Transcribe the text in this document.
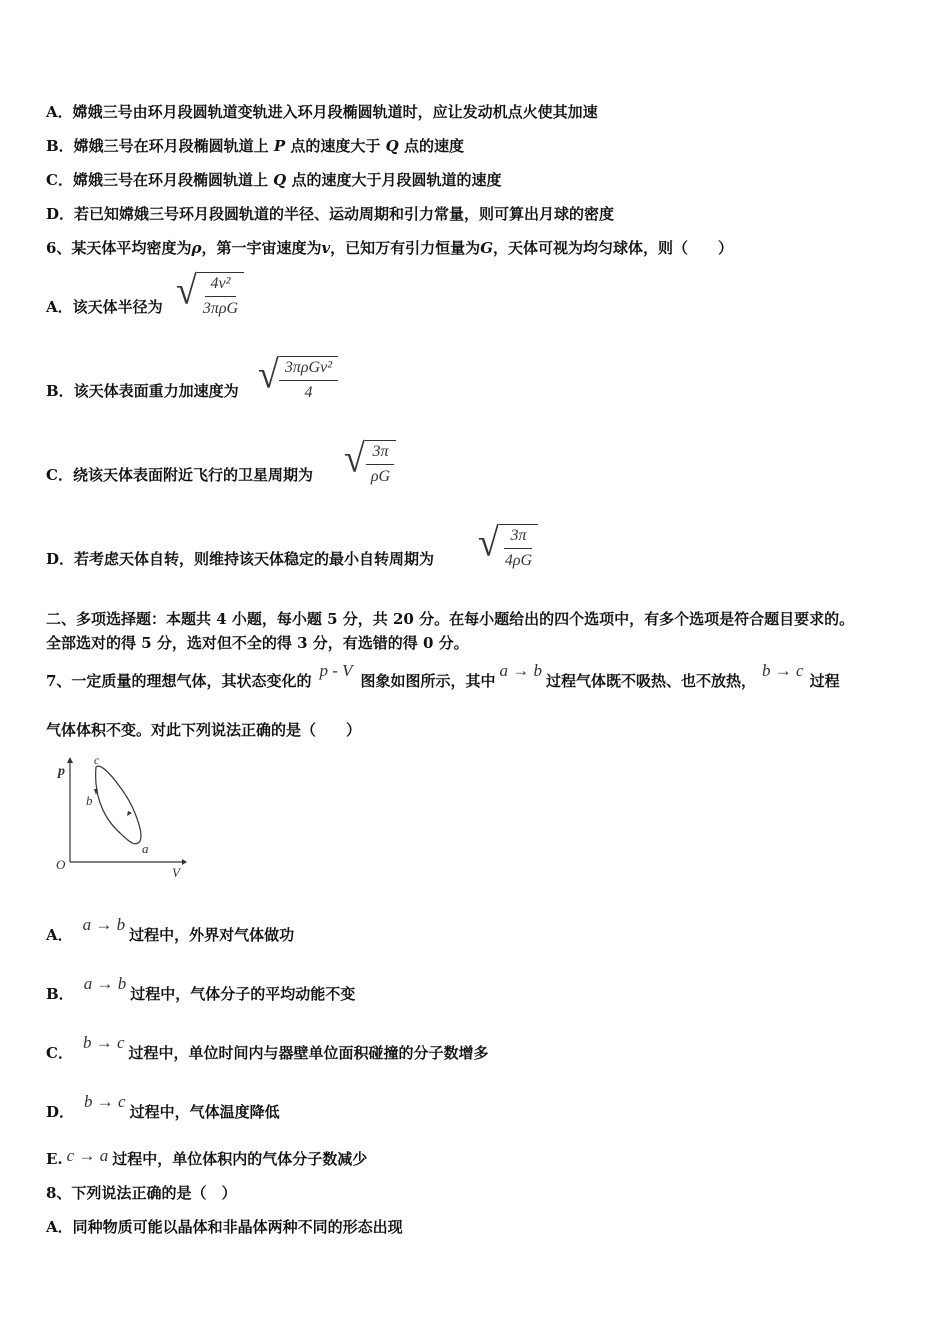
A．嫦娥三号由环月段圆轨道变轨进入环月段椭圆轨道时，应让发动机点火使其加速
B．嫦娥三号在环月段椭圆轨道上 P 点的速度大于 Q 点的速度
C．嫦娥三号在环月段椭圆轨道上 Q 点的速度大于月段圆轨道的速度
D．若已知嫦娥三号环月段圆轨道的半径、运动周期和引力常量，则可算出月球的密度
6、某天体平均密度为ρ，第一宇宙速度为v，已知万有引力恒量为G，天体可视为均匀球体，则（　　）
A．该天体半径为 √ $\frac{\text{4v²}}{\text{3πρG}}$
B．该天体表面重力加速度为 √ $\frac{\text{3πρGv²}}{4}$
C．绕该天体表面附近飞行的卫星周期为 √ $\frac{3\pi}{\rho G}$
D．若考虑天体自转，则维持该天体稳定的最小自转周期为 √ $\frac{3\pi}{4\rho G}$
二、多项选择题：本题共 4 小题，每小题 5 分，共 20 分。在每小题给出的四个选项中，有多个选项是符合题目要求的。
全部选对的得 5 分，选对但不全的得 3 分，有选错的得 0 分。
7、一定质量的理想气体，其状态变化的p - V图象如图所示，其中a → b过程气体既不吸热、也不放热，b → c过程
气体体积不变。对此下列说法正确的是（　　）
p
V
O
a
b
c
A．a → b过程中，外界对气体做功
B．a → b过程中，气体分子的平均动能不变
C．b → c过程中，单位时间内与器壁单位面积碰撞的分子数增多
D．b → c过程中，气体温度降低
E. c → a 过程中，单位体积内的气体分子数减少
8、下列说法正确的是（　）
A．同种物质可能以晶体和非晶体两种不同的形态出现
